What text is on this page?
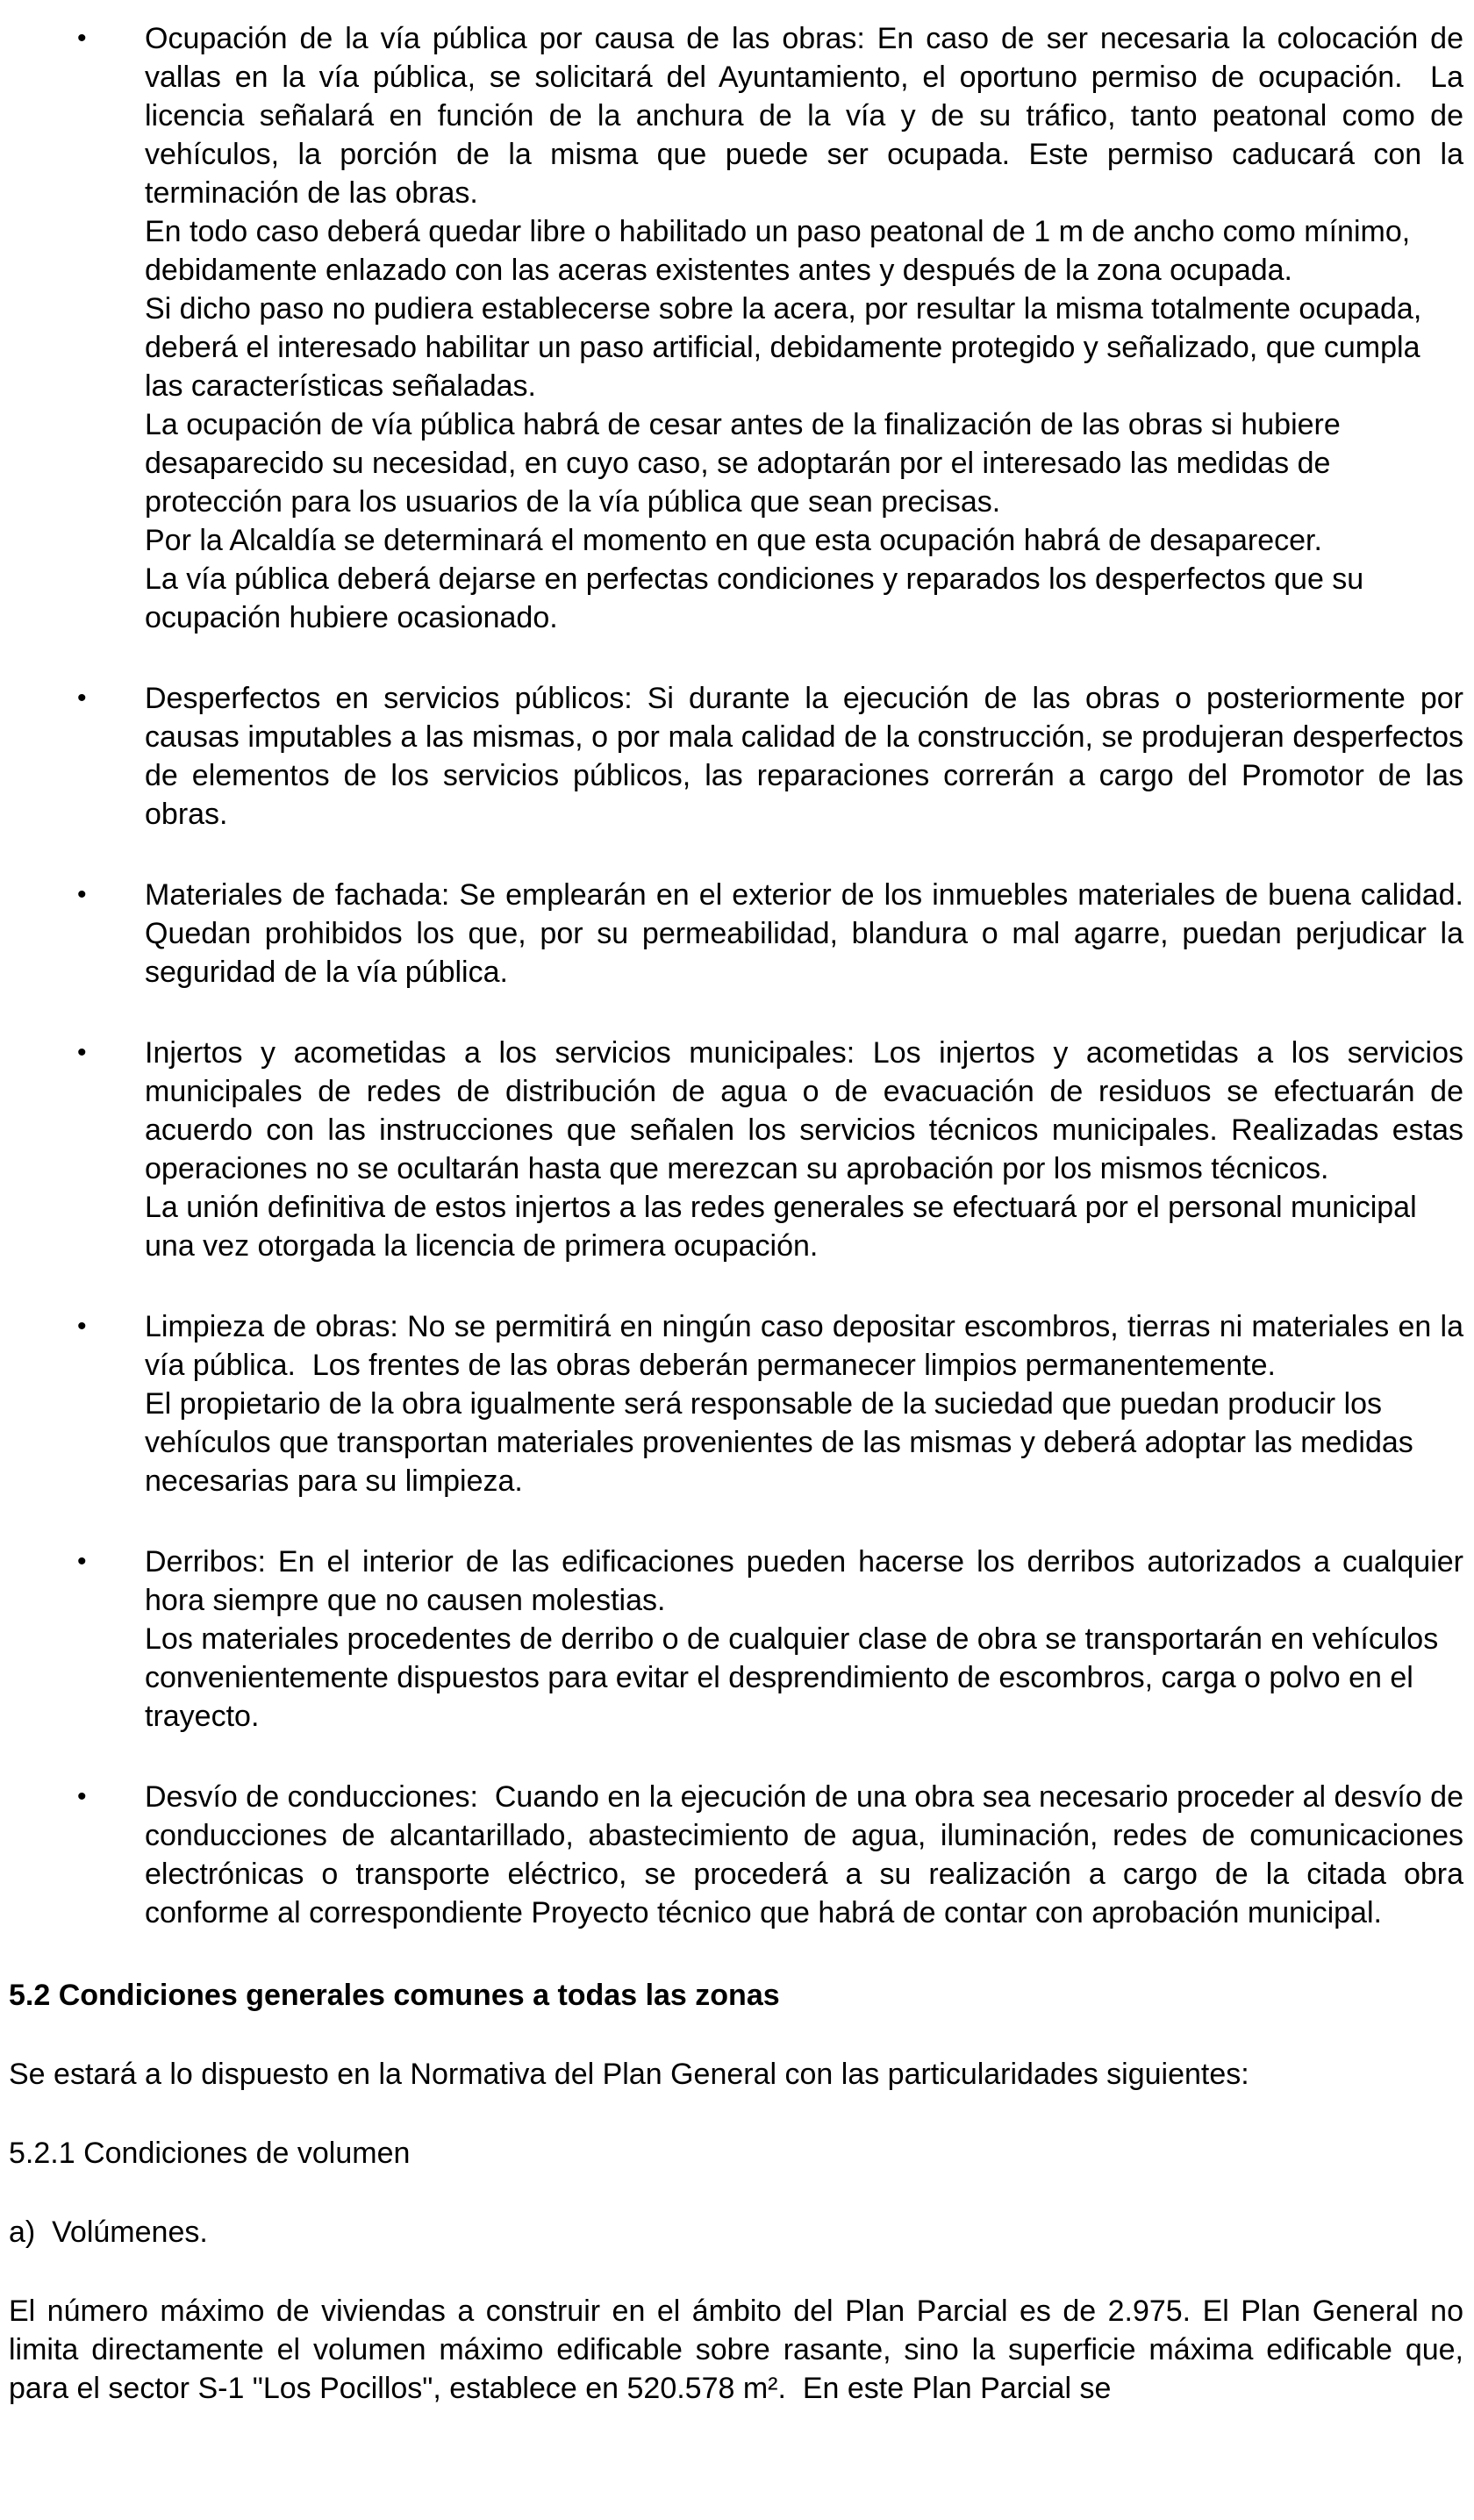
• Ocupación de la vía pública por causa de las obras: En caso de ser necesaria la colocación de vallas en la vía pública, se solicitará del Ayuntamiento, el oportuno permiso de ocupación.  La licencia señalará en función de la anchura de la vía y de su tráfico, tanto peatonal como de vehículos, la porción de la misma que puede ser ocupada. Este permiso caducará con la terminación de las obras.

En todo caso deberá quedar libre o habilitado un paso peatonal de 1 m de ancho como mínimo, debidamente enlazado con las aceras existentes antes y después de la zona ocupada.

Si dicho paso no pudiera establecerse sobre la acera, por resultar la misma totalmente ocupada, deberá el interesado habilitar un paso artificial, debidamente protegido y señalizado, que cumpla las características señaladas.

La ocupación de vía pública habrá de cesar antes de la finalización de las obras si hubiere desaparecido su necesidad, en cuyo caso, se adoptarán por el interesado las medidas de protección para los usuarios de la vía pública que sean precisas.

Por la Alcaldía se determinará el momento en que esta ocupación habrá de desaparecer.

La vía pública deberá dejarse en perfectas condiciones y reparados los desperfectos que su ocupación hubiere ocasionado.

• Desperfectos en servicios públicos: Si durante la ejecución de las obras o posteriormente por causas imputables a las mismas, o por mala calidad de la construcción, se produjeran desperfectos de elementos de los servicios públicos, las reparaciones correrán a cargo del Promotor de las obras.

• Materiales de fachada: Se emplearán en el exterior de los inmuebles materiales de buena calidad. Quedan prohibidos los que, por su permeabilidad, blandura o mal agarre, puedan perjudicar la seguridad de la vía pública.

• Injertos y acometidas a los servicios municipales: Los injertos y acometidas a los servicios municipales de redes de distribución de agua o de evacuación de residuos se efectuarán de acuerdo con las instrucciones que señalen los servicios técnicos municipales. Realizadas estas operaciones no se ocultarán hasta que merezcan su aprobación por los mismos técnicos.

La unión definitiva de estos injertos a las redes generales se efectuará por el personal municipal una vez otorgada la licencia de primera ocupación.

• Limpieza de obras: No se permitirá en ningún caso depositar escombros, tierras ni materiales en la vía pública.  Los frentes de las obras deberán permanecer limpios permanentemente.

El propietario de la obra igualmente será responsable de la suciedad que puedan producir los vehículos que transportan materiales provenientes de las mismas y deberá adoptar las medidas necesarias para su limpieza.

• Derribos: En el interior de las edificaciones pueden hacerse los derribos autorizados a cualquier hora siempre que no causen molestias.

Los materiales procedentes de derribo o de cualquier clase de obra se transportarán en vehículos convenientemente dispuestos para evitar el desprendimiento de escombros, carga o polvo en el trayecto.

• Desvío de conducciones:  Cuando en la ejecución de una obra sea necesario proceder al desvío de conducciones de alcantarillado, abastecimiento de agua, iluminación, redes de comunicaciones electrónicas o transporte eléctrico, se procederá a su realización a cargo de la citada obra conforme al correspondiente Proyecto técnico que habrá de contar con aprobación municipal.

5.2 Condiciones generales comunes a todas las zonas

Se estará a lo dispuesto en la Normativa del Plan General con las particularidades siguientes:

5.2.1 Condiciones de volumen

a)  Volúmenes.

El número máximo de viviendas a construir en el ámbito del Plan Parcial es de 2.975. El Plan General no limita directamente el volumen máximo edificable sobre rasante, sino la superficie máxima edificable que, para el sector S-1 "Los Pocillos", establece en 520.578 m².  En este Plan Parcial se
